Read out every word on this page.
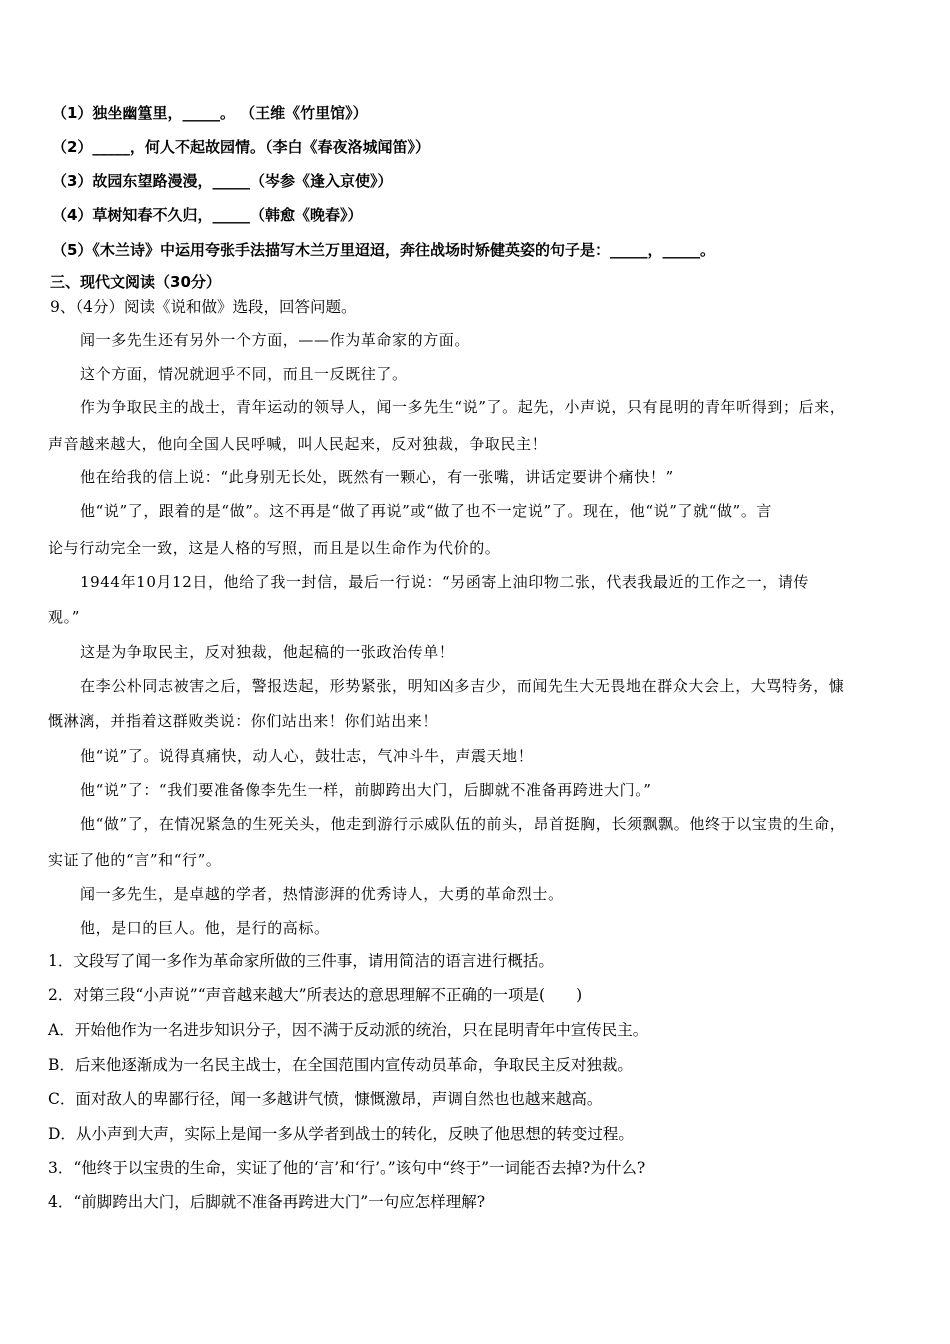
（1）独坐幽篁里，_____。 （王维《竹里馆》）
（2）_____，何人不起故园情。（李白《春夜洛城闻笛》）
（3）故园东望路漫漫，_____（岑参《逢入京使》）
（4）草树知春不久归，_____（韩愈《晚春》）
（5）《木兰诗》中运用夸张手法描写木兰万里迢迢，奔往战场时矫健英姿的句子是：_____，_____。
三、现代文阅读（30分）
9、（4分）阅读《说和做》选段，回答问题。
闻一多先生还有另外一个方面，——作为革命家的方面。
这个方面，情况就迥乎不同，而且一反既往了。
作为争取民主的战士，青年运动的领导人，闻一多先生“说”了。起先，小声说，只有昆明的青年听得到；后来，
声音越来越大，他向全国人民呼喊，叫人民起来，反对独裁，争取民主！
他在给我的信上说：“此身别无长处，既然有一颗心，有一张嘴，讲话定要讲个痛快！”
他“说”了，跟着的是“做”。这不再是“做了再说”或“做了也不一定说”了。现在，他“说”了就“做”。言
论与行动完全一致，这是人格的写照，而且是以生命作为代价的。
1944年10月12日，他给了我一封信，最后一行说：“另函寄上油印物二张，代表我最近的工作之一，请传
观。”
这是为争取民主，反对独裁，他起稿的一张政治传单！
在李公朴同志被害之后，警报迭起，形势紧张，明知凶多吉少，而闻先生大无畏地在群众大会上，大骂特务，慷
慨淋漓，并指着这群败类说：你们站出来！你们站出来！
他“说”了。说得真痛快，动人心，鼓壮志，气冲斗牛，声震天地！
他“说”了：“我们要准备像李先生一样，前脚跨出大门，后脚就不准备再跨进大门。”
他“做”了，在情况紧急的生死关头，他走到游行示威队伍的前头，昂首挺胸，长须飘飘。他终于以宝贵的生命，
实证了他的“言”和“行”。
闻一多先生，是卓越的学者，热情澎湃的优秀诗人，大勇的革命烈士。
他，是口的巨人。他，是行的高标。
1．文段写了闻一多作为革命家所做的三件事，请用简洁的语言进行概括。
2．对第三段“小声说”“声音越来越大”所表达的意思理解不正确的一项是(　　)
A．开始他作为一名进步知识分子，因不满于反动派的统治，只在昆明青年中宣传民主。
B．后来他逐渐成为一名民主战士，在全国范围内宣传动员革命，争取民主反对独裁。
C．面对敌人的卑鄙行径，闻一多越讲气愤，慷慨激昂，声调自然也也越来越高。
D．从小声到大声，实际上是闻一多从学者到战士的转化，反映了他思想的转变过程。
3．“他终于以宝贵的生命，实证了他的‘言’和‘行’。”该句中“终于”一词能否去掉?为什么?
4．“前脚跨出大门，后脚就不准备再跨进大门”一句应怎样理解?
